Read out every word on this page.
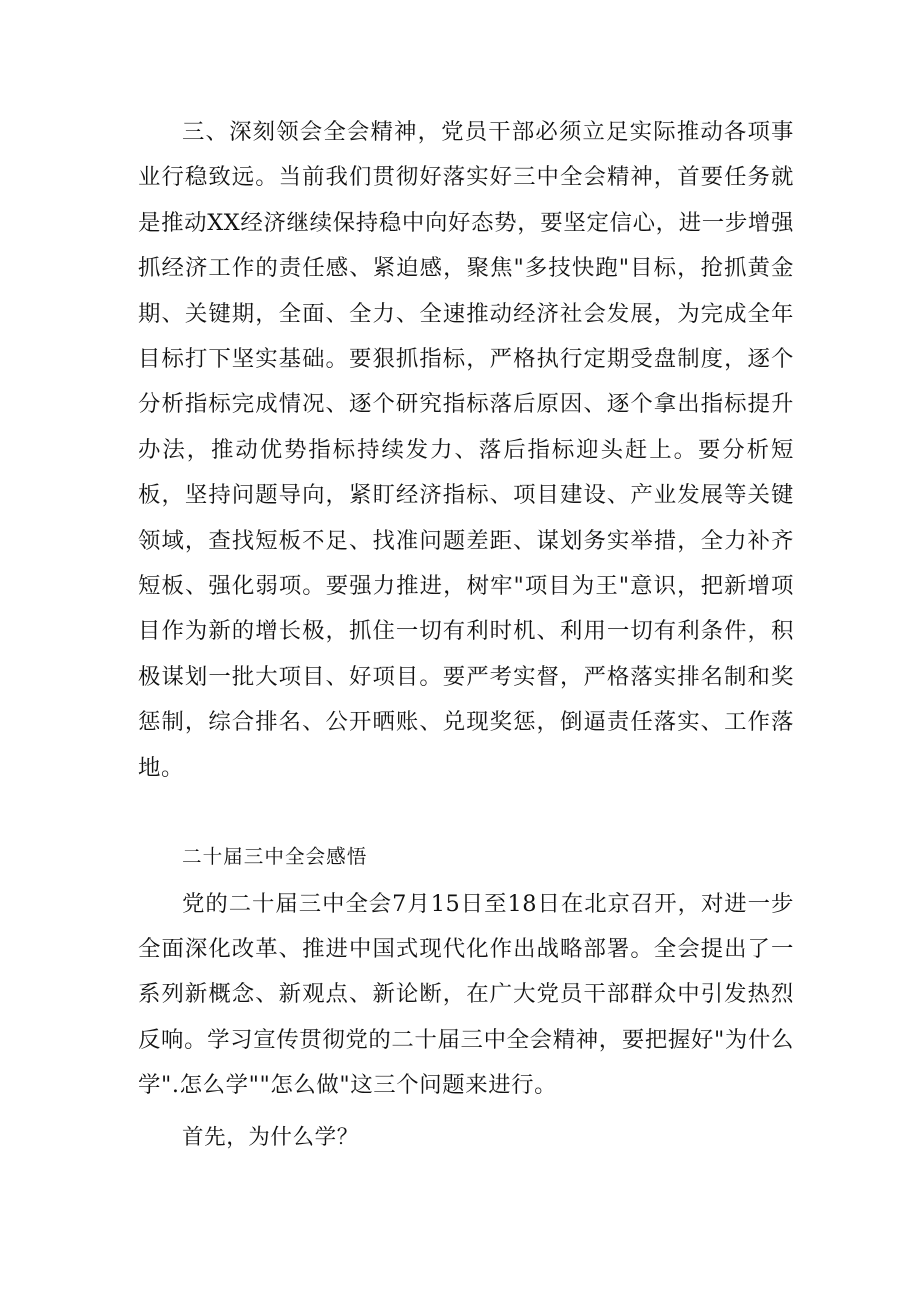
三、深刻领会全会精神，党员干部必须立足实际推动各项事业行稳致远。当前我们贯彻好落实好三中全会精神，首要任务就是推动XX经济继续保持稳中向好态势，要坚定信心，进一步增强抓经济工作的责任感、紧迫感，聚焦"多技快跑"目标，抢抓黄金期、关键期，全面、全力、全速推动经济社会发展，为完成全年目标打下坚实基础。要狠抓指标，严格执行定期受盘制度，逐个分析指标完成情况、逐个研究指标落后原因、逐个拿出指标提升办法，推动优势指标持续发力、落后指标迎头赶上。要分析短板，坚持问题导向，紧盯经济指标、项目建设、产业发展等关键领域，查找短板不足、找准问题差距、谋划务实举措，全力补齐短板、强化弱项。要强力推进，树牢"项目为王"意识，把新增项目作为新的增长极，抓住一切有利时机、利用一切有利条件，积极谋划一批大项目、好项目。要严考实督，严格落实排名制和奖惩制，综合排名、公开晒账、兑现奖惩，倒逼责任落实、工作落地。

二十届三中全会感悟

党的二十届三中全会7月15日至18日在北京召开，对进一步全面深化改革、推进中国式现代化作出战略部署。全会提出了一系列新概念、新观点、新论断，在广大党员干部群众中引发热烈反响。学习宣传贯彻党的二十届三中全会精神，要把握好"为什么学".怎么学""怎么做"这三个问题来进行。

首先，为什么学？
